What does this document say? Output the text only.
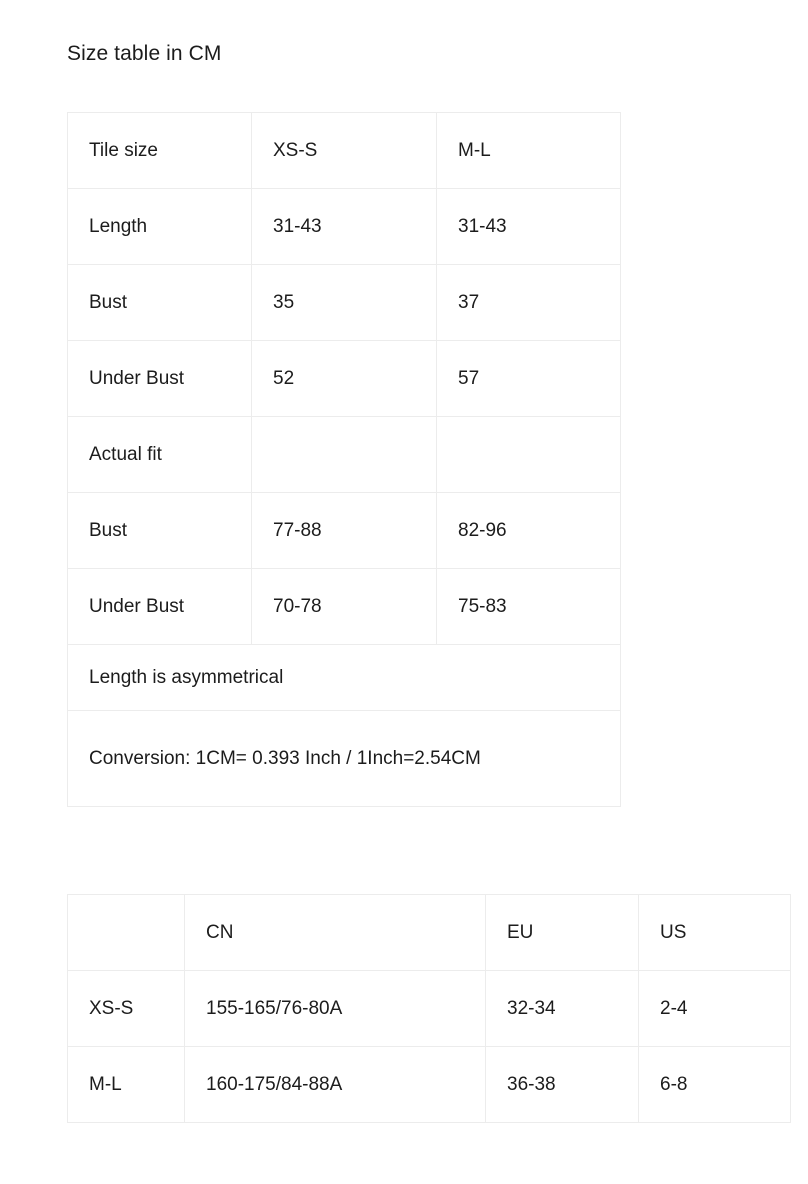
Size table in CM
Tile size	XS-S	M-L
Length	31-43	31-43
Bust	35	37
Under Bust	52	57
Actual fit		
Bust	77-88	82-96
Under Bust	70-78	75-83
Length is asymmetrical		

Conversion: 1CM= 0.393 Inch / 1Inch=2.54CM		
	CN	EU	US
XS-S	155-165/76-80A	32-34	2-4
M-L	160-175/84-88A	36-38	6-8
